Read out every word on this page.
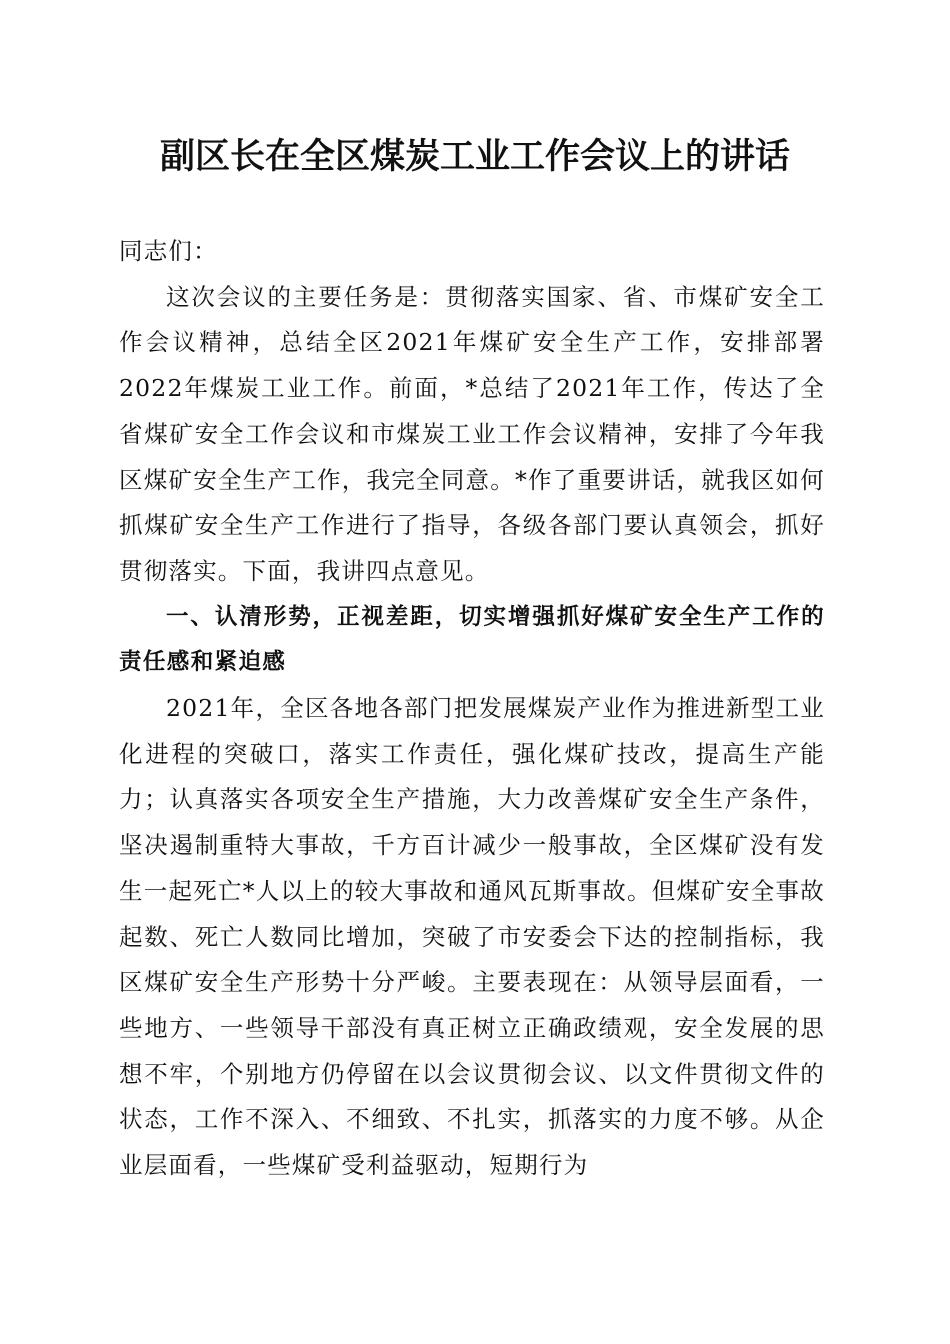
副区长在全区煤炭工业工作会议上的讲话

同志们：

这次会议的主要任务是：贯彻落实国家、省、市煤矿安全工作会议精神，总结全区2021年煤矿安全生产工作，安排部署2022年煤炭工业工作。前面，*总结了2021年工作，传达了全省煤矿安全工作会议和市煤炭工业工作会议精神，安排了今年我区煤矿安全生产工作，我完全同意。*作了重要讲话，就我区如何抓煤矿安全生产工作进行了指导，各级各部门要认真领会，抓好贯彻落实。下面，我讲四点意见。

一、认清形势，正视差距，切实增强抓好煤矿安全生产工作的责任感和紧迫感

2021年，全区各地各部门把发展煤炭产业作为推进新型工业化进程的突破口，落实工作责任，强化煤矿技改，提高生产能力；认真落实各项安全生产措施，大力改善煤矿安全生产条件，坚决遏制重特大事故，千方百计减少一般事故，全区煤矿没有发生一起死亡*人以上的较大事故和通风瓦斯事故。但煤矿安全事故起数、死亡人数同比增加，突破了市安委会下达的控制指标，我区煤矿安全生产形势十分严峻。主要表现在：从领导层面看，一些地方、一些领导干部没有真正树立正确政绩观，安全发展的思想不牢，个别地方仍停留在以会议贯彻会议、以文件贯彻文件的状态，工作不深入、不细致、不扎实，抓落实的力度不够。从企业层面看，一些煤矿受利益驱动，短期行为
